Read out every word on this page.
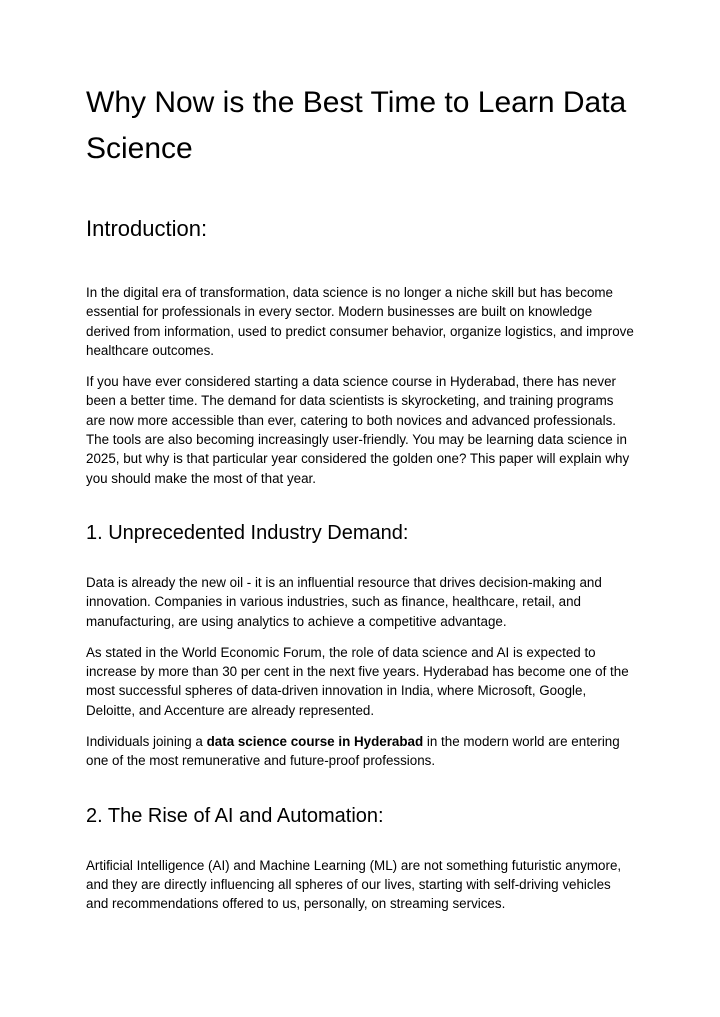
Why Now is the Best Time to Learn Data Science
Introduction:

In the digital era of transformation, data science is no longer a niche skill but has become essential for professionals in every sector. Modern businesses are built on knowledge derived from information, used to predict consumer behavior, organize logistics, and improve healthcare outcomes.

If you have ever considered starting a data science course in Hyderabad, there has never been a better time. The demand for data scientists is skyrocketing, and training programs are now more accessible than ever, catering to both novices and advanced professionals. The tools are also becoming increasingly user-friendly. You may be learning data science in 2025, but why is that particular year considered the golden one? This paper will explain why you should make the most of that year.

1. Unprecedented Industry Demand:

Data is already the new oil - it is an influential resource that drives decision-making and innovation. Companies in various industries, such as finance, healthcare, retail, and manufacturing, are using analytics to achieve a competitive advantage.

As stated in the World Economic Forum, the role of data science and AI is expected to increase by more than 30 per cent in the next five years. Hyderabad has become one of the most successful spheres of data-driven innovation in India, where Microsoft, Google, Deloitte, and Accenture are already represented.

Individuals joining a data science course in Hyderabad in the modern world are entering one of the most remunerative and future-proof professions.

2. The Rise of AI and Automation:

Artificial Intelligence (AI) and Machine Learning (ML) are not something futuristic anymore, and they are directly influencing all spheres of our lives, starting with self-driving vehicles and recommendations offered to us, personally, on streaming services.
